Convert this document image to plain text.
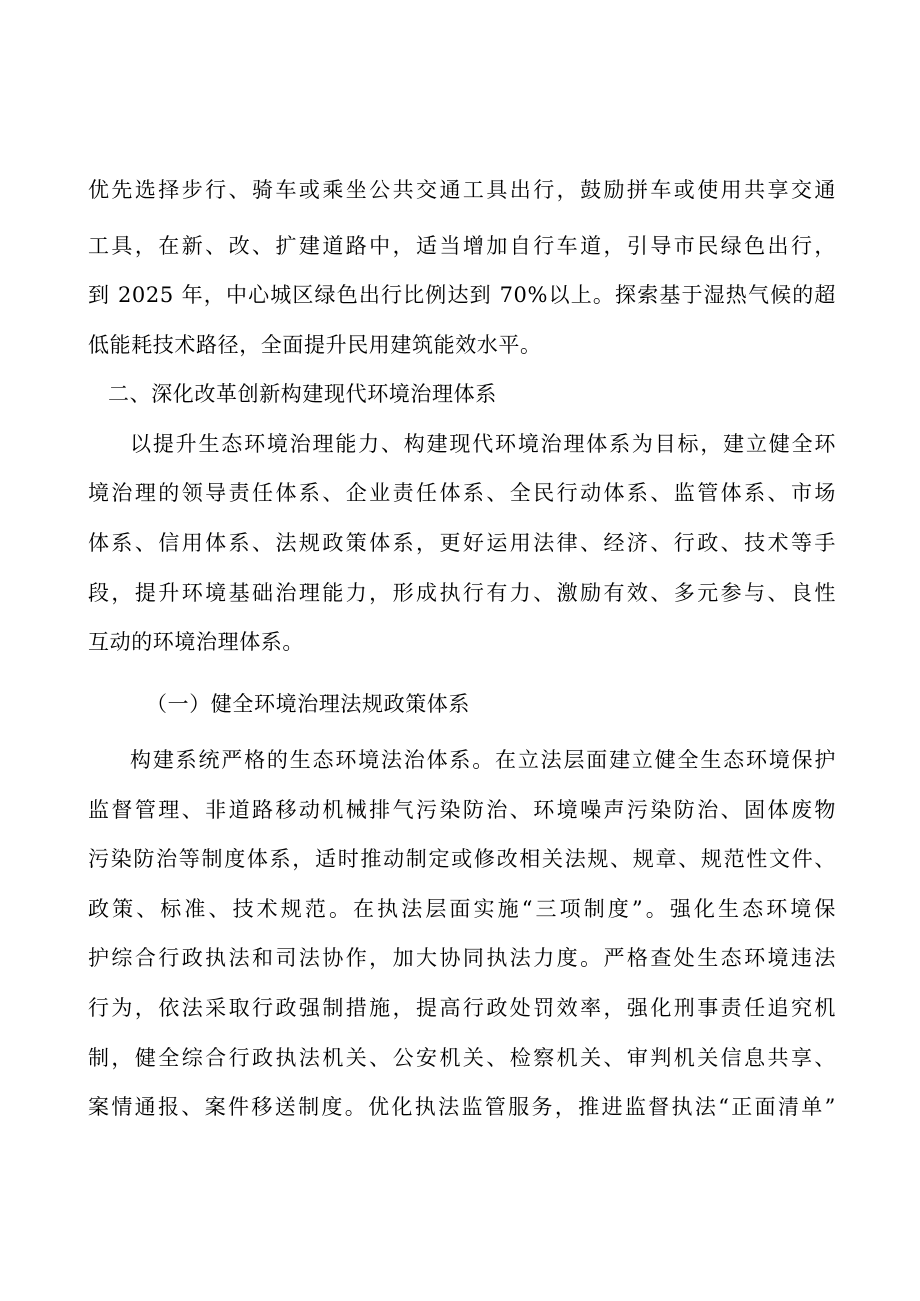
优先选择步行、骑车或乘坐公共交通工具出行，鼓励拼车或使用共享交通
工具，在新、改、扩建道路中，适当增加自行车道，引导市民绿色出行，
到 2025 年，中心城区绿色出行比例达到 70%以上。探索基于湿热气候的超
低能耗技术路径，全面提升民用建筑能效水平。
二、深化改革创新构建现代环境治理体系
以提升生态环境治理能力、构建现代环境治理体系为目标，建立健全环
境治理的领导责任体系、企业责任体系、全民行动体系、监管体系、市场
体系、信用体系、法规政策体系，更好运用法律、经济、行政、技术等手
段，提升环境基础治理能力，形成执行有力、激励有效、多元参与、良性
互动的环境治理体系。
（一）健全环境治理法规政策体系
构建系统严格的生态环境法治体系。在立法层面建立健全生态环境保护
监督管理、非道路移动机械排气污染防治、环境噪声污染防治、固体废物
污染防治等制度体系，适时推动制定或修改相关法规、规章、规范性文件、
政策、标准、技术规范。在执法层面实施“三项制度”。强化生态环境保
护综合行政执法和司法协作，加大协同执法力度。严格查处生态环境违法
行为，依法采取行政强制措施，提高行政处罚效率，强化刑事责任追究机
制，健全综合行政执法机关、公安机关、检察机关、审判机关信息共享、
案情通报、案件移送制度。优化执法监管服务，推进监督执法“正面清单”
